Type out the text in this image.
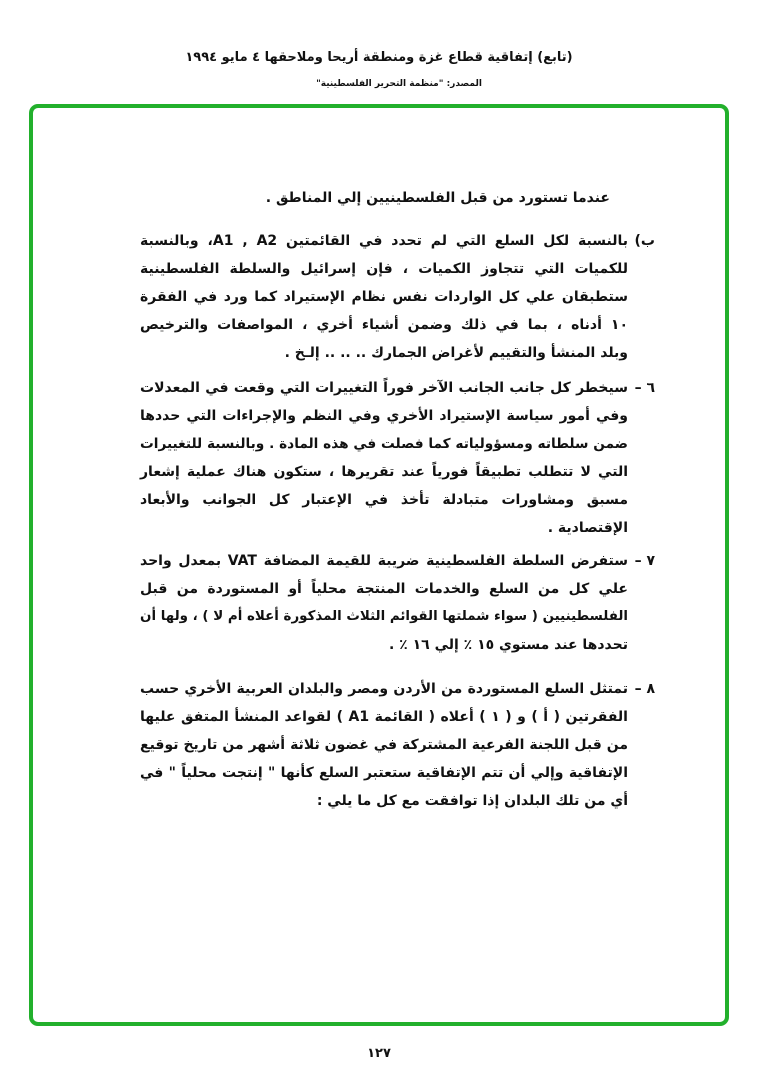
(تابع) إتفاقية قطاع غزة ومنطقة أريحا وملاحقها ٤ مايو ١٩٩٤
المصدر: "منظمة التحرير الفلسطينية"
عندما تستورد من قبل الفلسطينيين إلي المناطق .
ب)
بالنسبة لكل السلع التي لم تحدد في القائمتين A1 , A2، وبالنسبة
للكميات التي تتجاوز الكميات ، فإن إسرائيل والسلطة الفلسطينية
ستطبقان علي كل الواردات نفس نظام الإستيراد كما ورد في الفقرة
١٠ أدناه ، بما في ذلك وضمن أشياء أخري ، المواصفات والترخيص
وبلد المنشأ والتقييم لأغراض الجمارك .. .. .. إلـخ .
٦ –
سيخطر كل جانب الجانب الآخر فوراً التغييرات التي وقعت في المعدلات
وفي أمور سياسة الإستيراد الأخري وفي النظم والإجراءات التي حددها
ضمن سلطاته ومسؤولياته كما فصلت في هذه المادة . وبالنسبة للتغييرات
التي لا تتطلب تطبيقاً فورياً عند تقريرها ، ستكون هناك عملية إشعار
مسبق ومشاورات متبادلة تأخذ في الإعتبار كل الجوانب والأبعاد
الإقتصادية .
٧ –
ستفرض السلطة الفلسطينية ضريبة للقيمة المضافة VAT بمعدل واحد
علي كل من السلع والخدمات المنتجة محلياً أو المستوردة من قبل
الفلسطينيين ( سواء شملتها القوائم الثلاث المذكورة أعلاه أم لا ) ، ولها أن
تحددها عند مستوي ١٥ ٪ إلي ١٦ ٪ .
٨ –
تمتثل السلع المستوردة من الأردن ومصر والبلدان العربية الأخري حسب
الفقرتين ( أ ) و ( ١ ) أعلاه ( القائمة A1 ) لقواعد المنشأ المتفق عليها
من قبل اللجنة الفرعية المشتركة في غضون ثلاثة أشهر من تاريخ توقيع
الإتفاقية وإلي أن تتم الإتفاقية ستعتبر السلع كأنها " إنتجت محلياً " في
أي من تلك البلدان إذا توافقت مع كل ما يلي :
١٢٧
